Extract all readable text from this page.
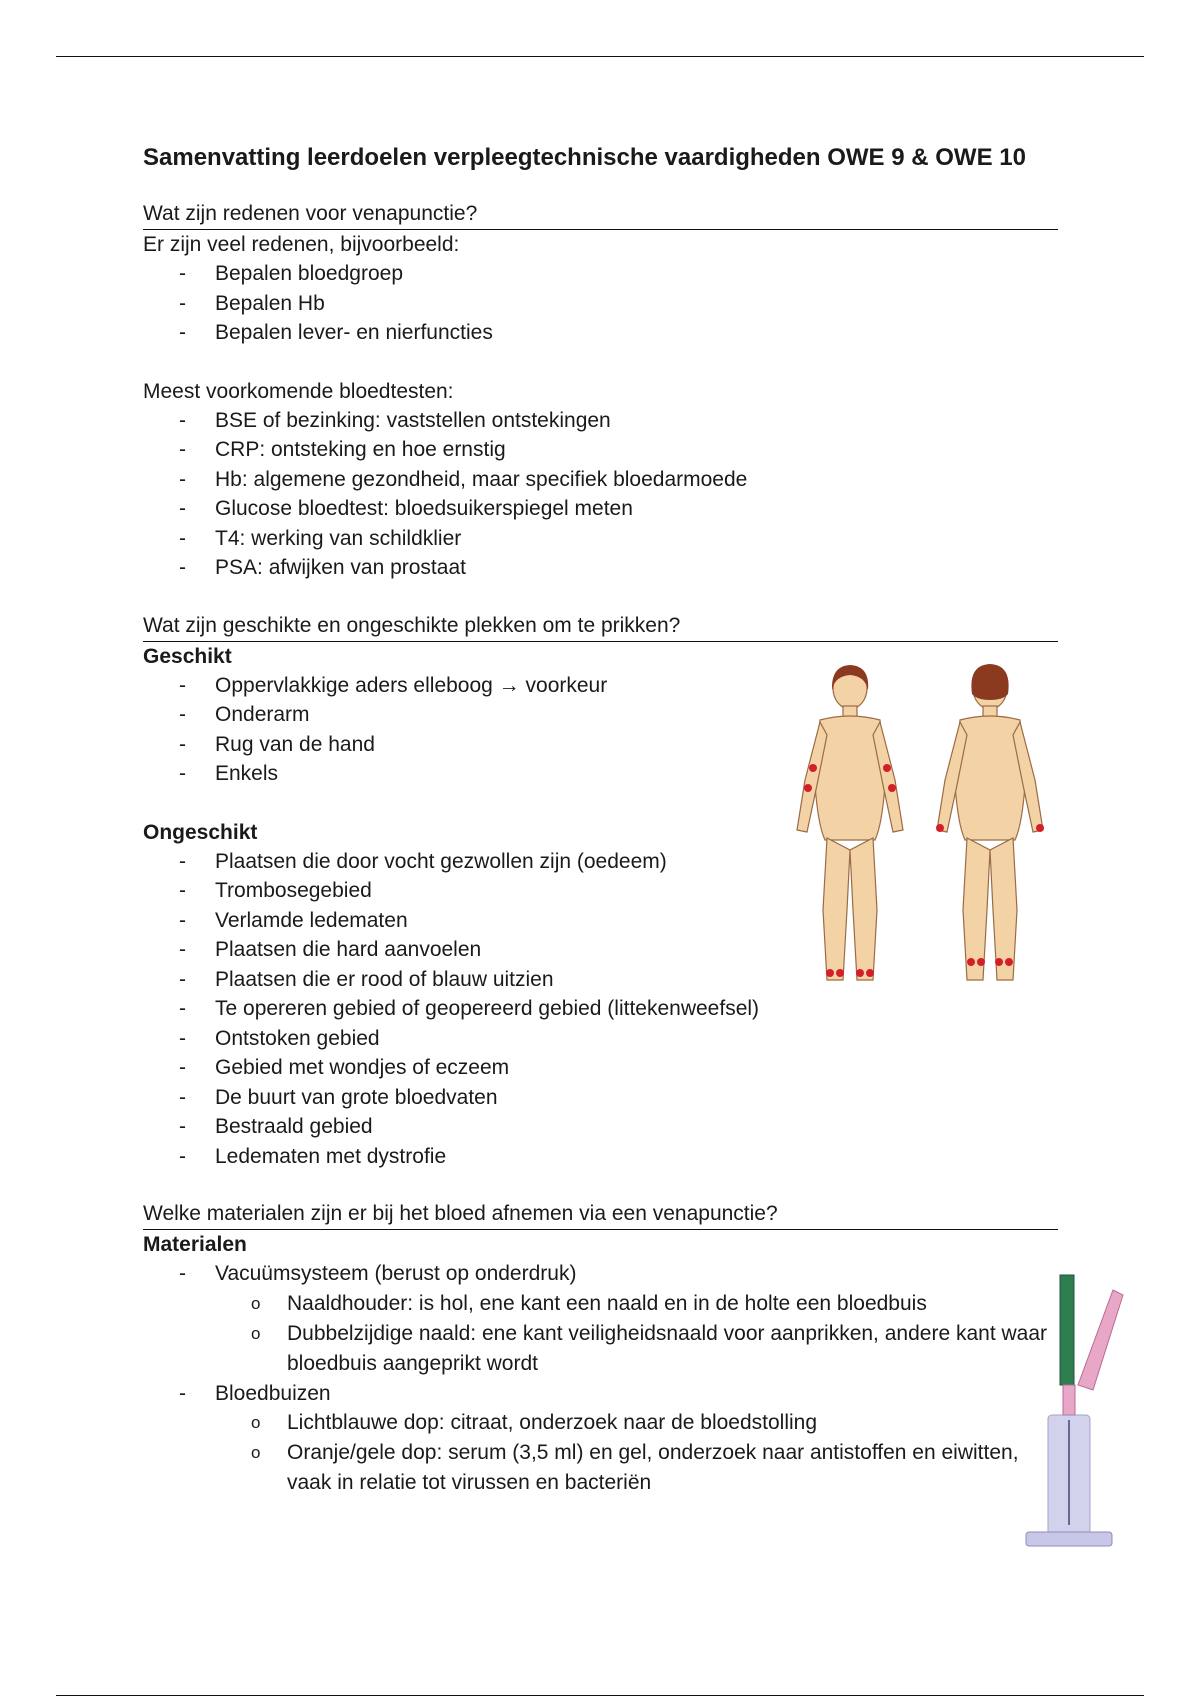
Samenvatting leerdoelen verpleegtechnische vaardigheden OWE 9 & OWE 10
Wat zijn redenen voor venapunctie?
Er zijn veel redenen, bijvoorbeeld:
- Bepalen bloedgroep
- Bepalen Hb
- Bepalen lever- en nierfuncties
Meest voorkomende bloedtesten:
- BSE of bezinking: vaststellen ontstekingen
- CRP: ontsteking en hoe ernstig
- Hb: algemene gezondheid, maar specifiek bloedarmoede
- Glucose bloedtest: bloedsuikerspiegel meten
- T4: werking van schildklier
- PSA: afwijken van prostaat
Wat zijn geschikte en ongeschikte plekken om te prikken?
Geschikt
- Oppervlakkige aders elleboog → voorkeur
- Onderarm
- Rug van de hand
- Enkels
Ongeschikt
- Plaatsen die door vocht gezwollen zijn (oedeem)
- Trombosegebied
- Verlamde ledematen
- Plaatsen die hard aanvoelen
- Plaatsen die er rood of blauw uitzien
- Te opereren gebied of geopereerd gebied (littekenweefsel)
- Ontstoken gebied
- Gebied met wondjes of eczeem
- De buurt van grote bloedvaten
- Bestraald gebied
- Ledematen met dystrofie
Welke materialen zijn er bij het bloed afnemen via een venapunctie?
Materialen
- Vacuümsysteem (berust op onderdruk)
o Naaldhouder: is hol, ene kant een naald en in de holte een bloedbuis
o Dubbelzijdige naald: ene kant veiligheidsnaald voor aanprikken, andere kant waar bloedbuis aangeprikt wordt
- Bloedbuizen
o Lichtblauwe dop: citraat, onderzoek naar de bloedstolling
o Oranje/gele dop: serum (3,5 ml) en gel, onderzoek naar antistoffen en eiwitten, vaak in relatie tot virussen en bacteriën
